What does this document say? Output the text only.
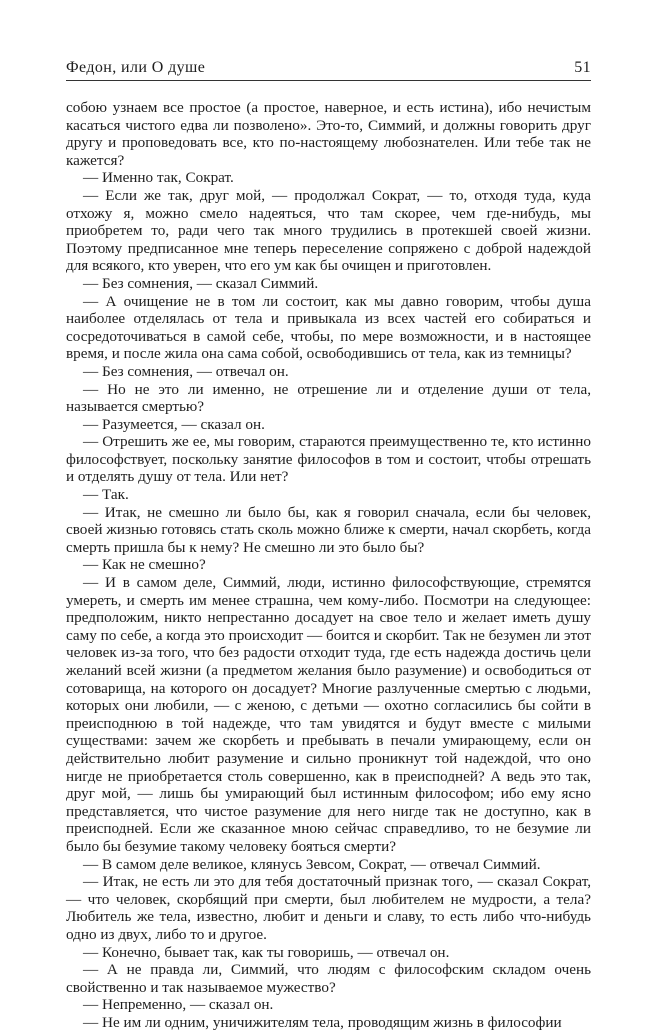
Федон, или О душе	51

собою узнаем все простое (а простое, наверное, и есть истина), ибо нечистым касаться чистого едва ли позволено». Это-то, Симмий, и должны говорить друг другу и проповедовать все, кто по-настоящему любознателен. Или тебе так не кажется?

— Именно так, Сократ.

— Если же так, друг мой, — продолжал Сократ, — то, отходя туда, куда отхожу я, можно смело надеяться, что там скорее, чем где-нибудь, мы приобретем то, ради чего так много трудились в протекшей своей жизни. Поэтому предписанное мне теперь переселение сопряжено с доброй надеждой для всякого, кто уверен, что его ум как бы очищен и приготовлен.

— Без сомнения, — сказал Симмий.

— А очищение не в том ли состоит, как мы давно говорим, чтобы душа наиболее отделялась от тела и привыкала из всех частей его собираться и сосредоточиваться в самой себе, чтобы, по мере возможности, и в настоящее время, и после жила она сама собой, освободившись от тела, как из темницы?

— Без сомнения, — отвечал он.

— Но не это ли именно, не отрешение ли и отделение души от тела, называется смертью?

— Разумеется, — сказал он.

— Отрешить же ее, мы говорим, стараются преимущественно те, кто истинно философствует, поскольку занятие философов в том и состоит, чтобы отрешать и отделять душу от тела. Или нет?

— Так.

— Итак, не смешно ли было бы, как я говорил сначала, если бы человек, своей жизнью готовясь стать сколь можно ближе к смерти, начал скорбеть, когда смерть пришла бы к нему? Не смешно ли это было бы?

— Как не смешно?

— И в самом деле, Симмий, люди, истинно философствующие, стремятся умереть, и смерть им менее страшна, чем кому-либо. Посмотри на следующее: предположим, никто непрестанно досадует на свое тело и желает иметь душу саму по себе, а когда это происходит — боится и скорбит. Так не безумен ли этот человек из-за того, что без радости отходит туда, где есть надежда достичь цели желаний всей жизни (а предметом желания было разумение) и освободиться от сотоварища, на которого он досадует? Многие разлученные смертью с людьми, которых они любили, — с женою, с детьми — охотно согласились бы сойти в преисподнюю в той надежде, что там увидятся и будут вместе с милыми существами: зачем же скорбеть и пребывать в печали умирающему, если он действительно любит разумение и сильно проникнут той надеждой, что оно нигде не приобретается столь совершенно, как в преисподней? А ведь это так, друг мой, — лишь бы умирающий был истинным философом; ибо ему ясно представляется, что чистое разумение для него нигде так не доступно, как в преисподней. Если же сказанное мною сейчас справедливо, то не безумие ли было бы безумие такому человеку бояться смерти?

— В самом деле великое, клянусь Зевсом, Сократ, — отвечал Симмий.

— Итак, не есть ли это для тебя достаточный признак того, — сказал Сократ, — что человек, скорбящий при смерти, был любителем не мудрости, а тела? Любитель же тела, известно, любит и деньги и славу, то есть либо что-нибудь одно из двух, либо то и другое.

— Конечно, бывает так, как ты говоришь, — отвечал он.

— А не правда ли, Симмий, что людям с философским складом очень свойственно и так называемое мужество?

— Непременно, — сказал он.

— Не им ли одним, уничижителям тела, проводящим жизнь в философии
